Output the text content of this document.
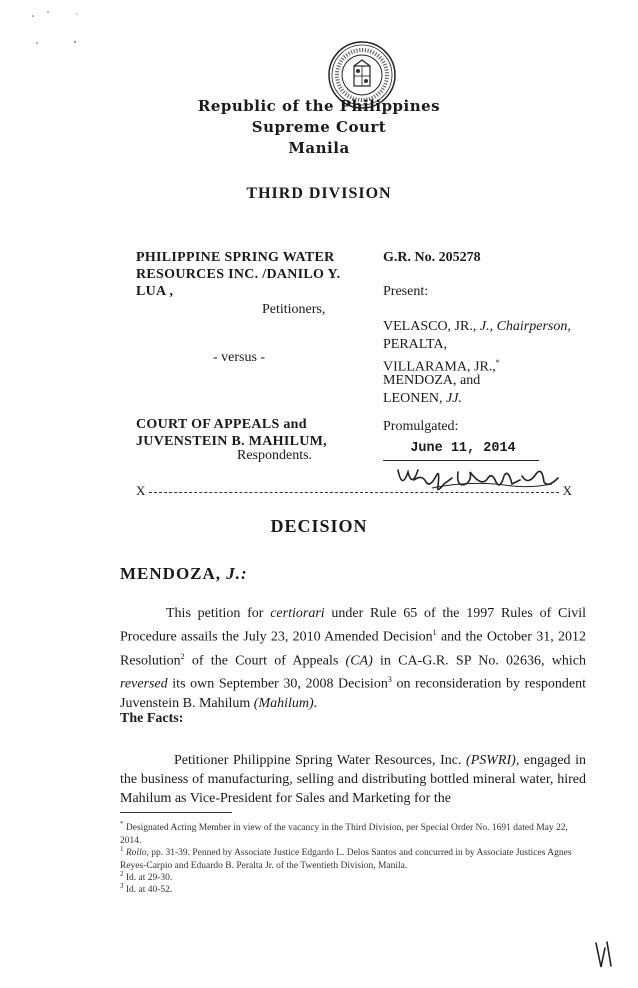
Republic of the Philippines
Supreme Court
Manila
THIRD DIVISION
PHILIPPINE SPRING WATER
RESOURCES INC. /DANILO Y.
LUA ,
Petitioners,
- versus -
COURT OF APPEALS and
JUVENSTEIN B. MAHILUM,
Respondents.
G.R. No. 205278
Present:
VELASCO, JR., J., Chairperson,
PERALTA,
VILLARAMA, JR.,*
MENDOZA, and
LEONEN, JJ.
Promulgated:
June 11, 2014
X	X
DECISION
MENDOZA, J.:
This petition for certiorari under Rule 65 of the 1997 Rules of Civil Procedure assails the July 23, 2010 Amended Decision$^1$ and the October 31, 2012 Resolution$^2$ of the Court of Appeals (CA) in CA-G.R. SP No. 02636, which reversed its own September 30, 2008 Decision$^3$ on reconsideration by respondent Juvenstein B. Mahilum (Mahilum).
The Facts:
Petitioner Philippine Spring Water Resources, Inc. (PSWRI), engaged in the business of manufacturing, selling and distributing bottled mineral water, hired Mahilum as Vice-President for Sales and Marketing for the
* Designated Acting Member in view of the vacancy in the Third Division, per Special Order No. 1691 dated May 22, 2014.
$^1$ Rollo, pp. 31-39. Penned by Associate Justice Edgardo L. Delos Santos and concurred in by Associate Justices Agnes Reyes-Carpio and Eduardo B. Peralta Jr. of the Twentieth Division, Manila.
$^2$ Id. at 29-30.
$^3$ Id. at 40-52.
